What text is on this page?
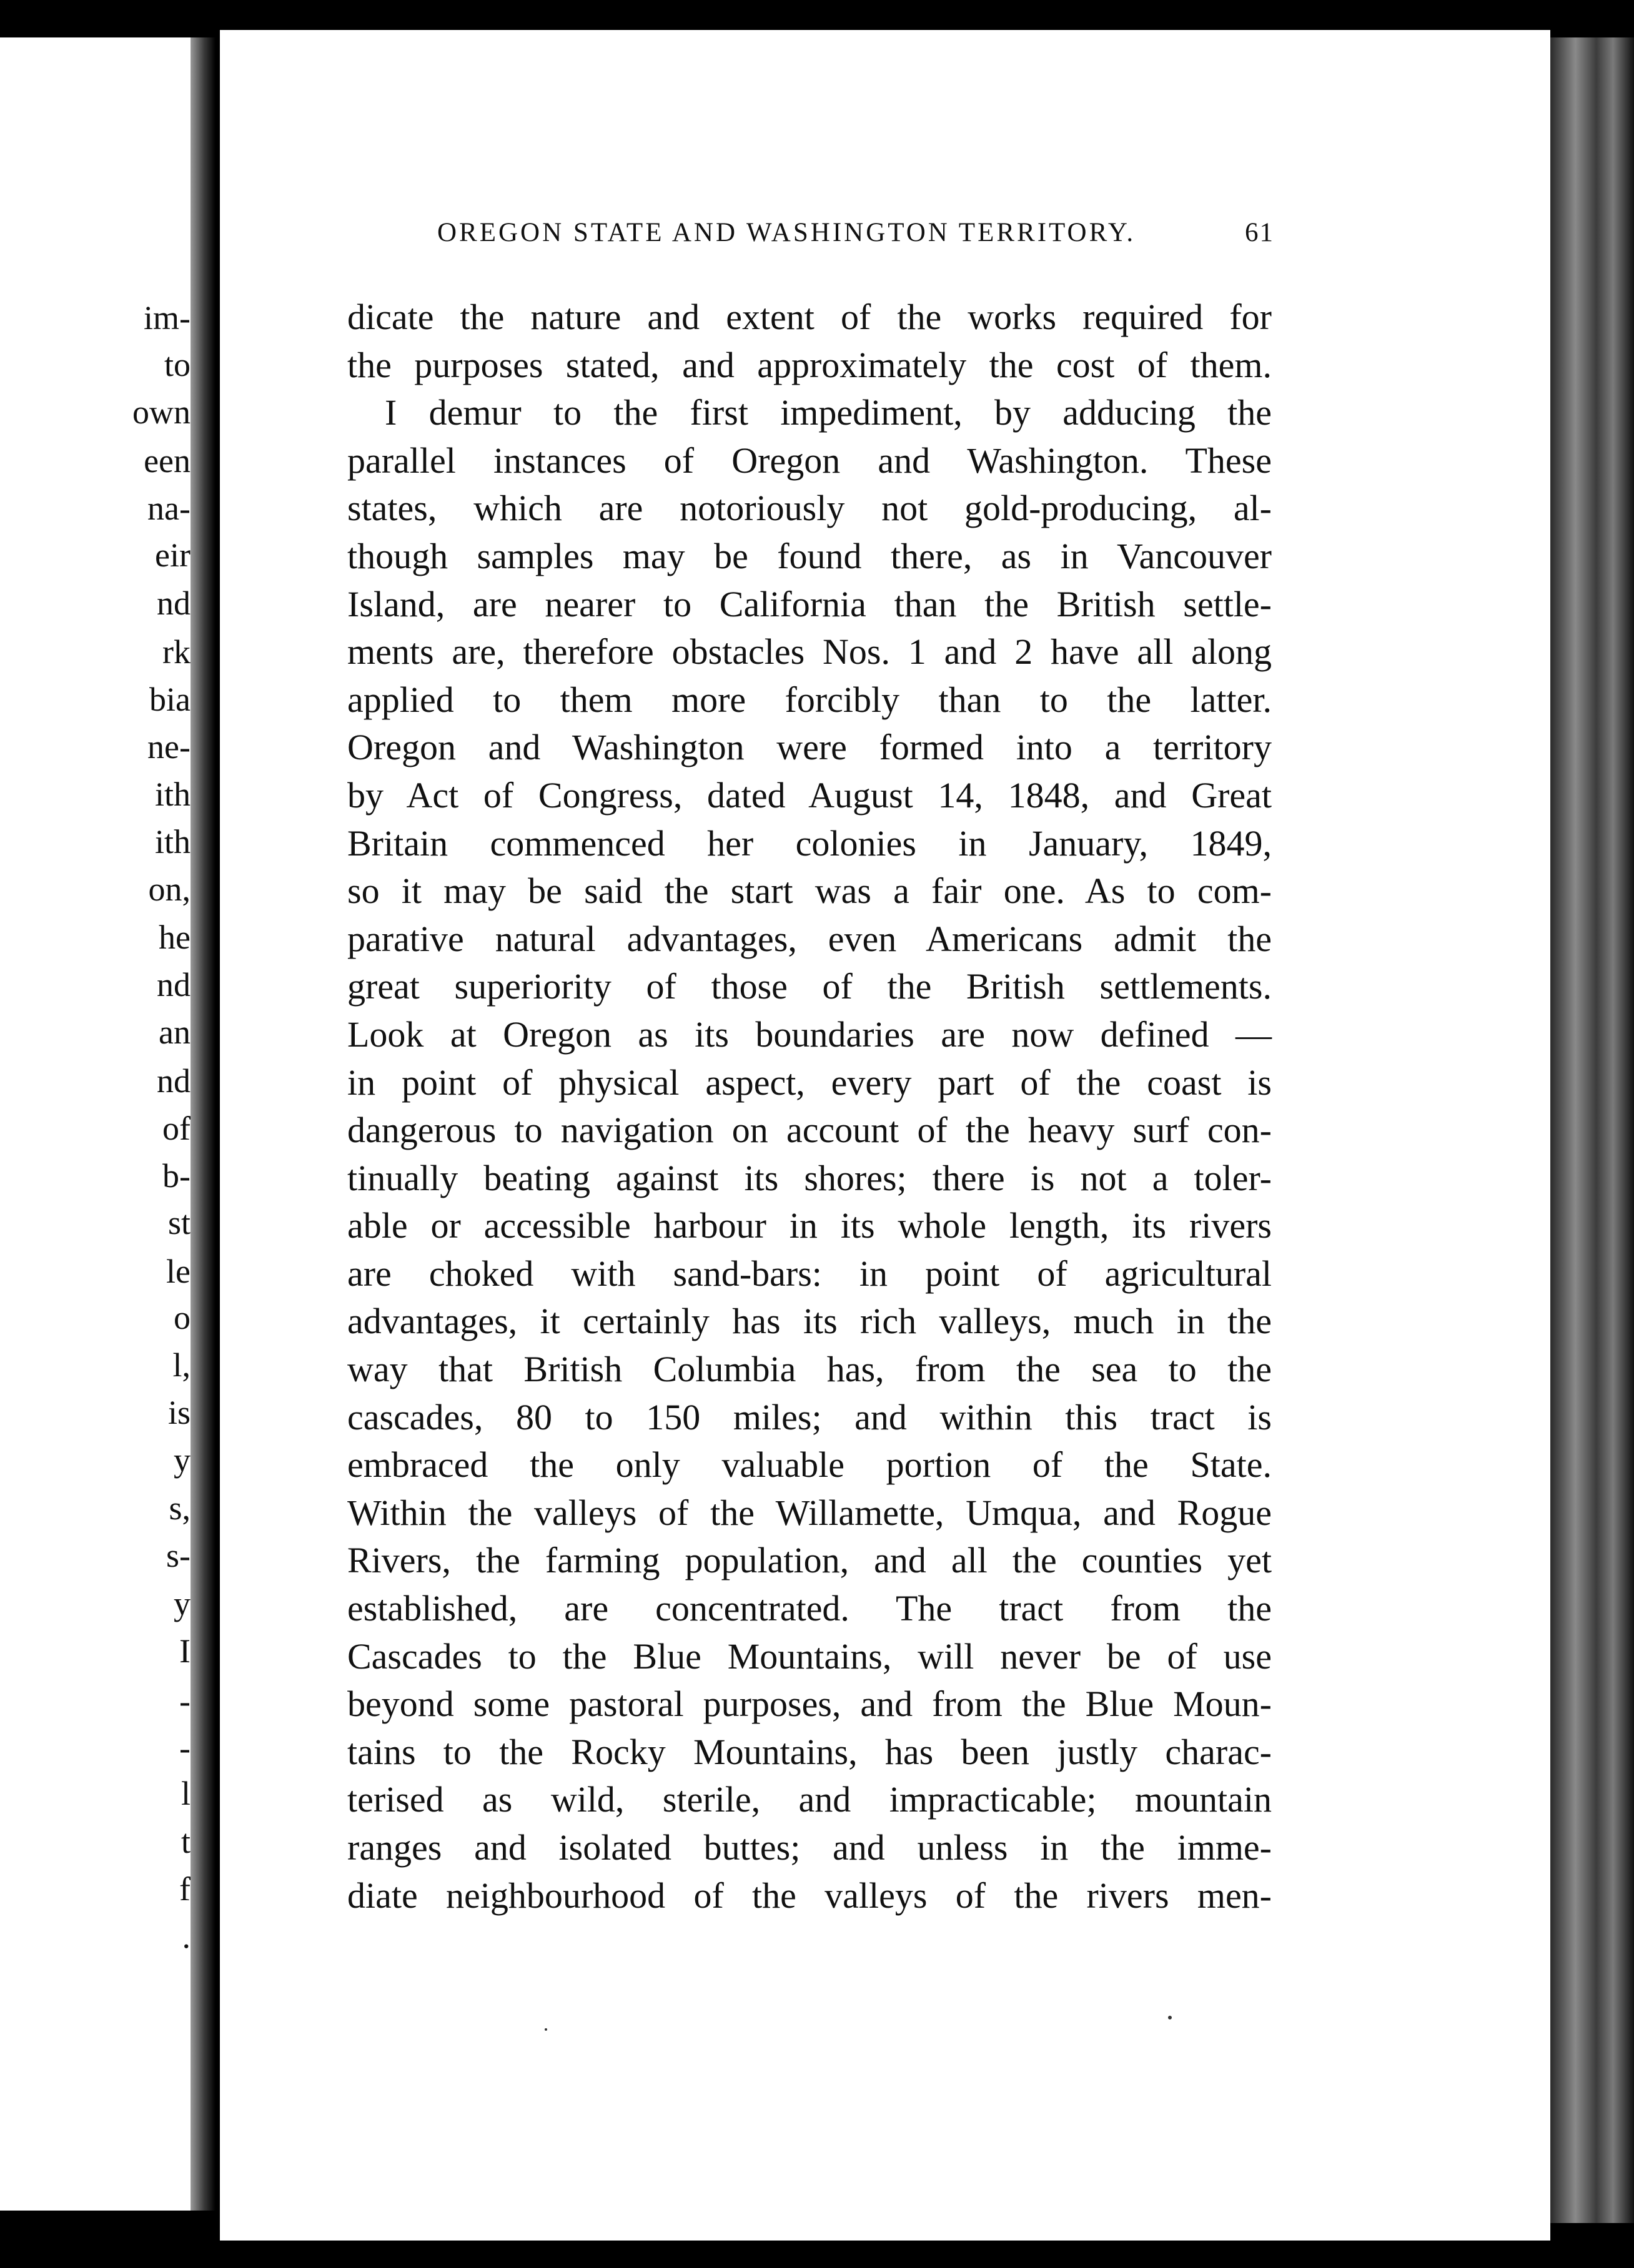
im-
to
own
een
na-
eir
nd
rk
bia
ne-
ith
ith
on,
he
nd
an
nd
of
b-
st
le
o
l,
is
y
s,
s-
y
I
-
-
l
t
f
.
OREGON STATE AND WASHINGTON TERRITORY.	61
dicate the nature and extent of the works required for
the purposes stated, and approximately the cost of them.
I demur to the first impediment, by adducing the
parallel instances of Oregon and Washington. These
states, which are notoriously not gold-producing, al-
though samples may be found there, as in Vancouver
Island, are nearer to California than the British settle-
ments are, therefore obstacles Nos. 1 and 2 have all along
applied to them more forcibly than to the latter.
Oregon and Washington were formed into a territory
by Act of Congress, dated August 14, 1848, and Great
Britain commenced her colonies in January, 1849,
so it may be said the start was a fair one. As to com-
parative natural advantages, even Americans admit the
great superiority of those of the British settlements.
Look at Oregon as its boundaries are now defined —
in point of physical aspect, every part of the coast is
dangerous to navigation on account of the heavy surf con-
tinually beating against its shores; there is not a toler-
able or accessible harbour in its whole length, its rivers
are choked with sand-bars: in point of agricultural
advantages, it certainly has its rich valleys, much in the
way that British Columbia has, from the sea to the
cascades, 80 to 150 miles; and within this tract is
embraced the only valuable portion of the State.
Within the valleys of the Willamette, Umqua, and Rogue
Rivers, the farming population, and all the counties yet
established, are concentrated. The tract from the
Cascades to the Blue Mountains, will never be of use
beyond some pastoral purposes, and from the Blue Moun-
tains to the Rocky Mountains, has been justly charac-
terised as wild, sterile, and impracticable; mountain
ranges and isolated buttes; and unless in the imme-
diate neighbourhood of the valleys of the rivers men-
